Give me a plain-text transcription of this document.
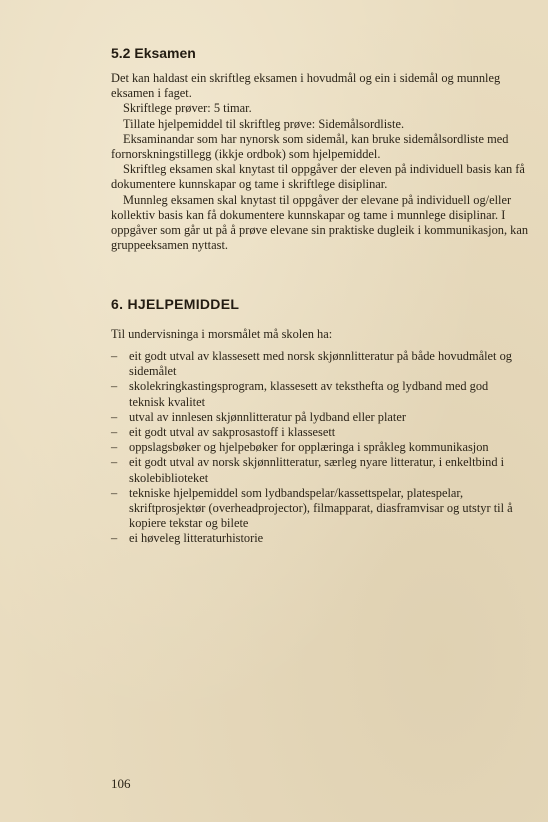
5.2 Eksamen

Det kan haldast ein skriftleg eksamen i hovudmål og ein i sidemål og munnleg eksamen i faget.

Skriftlege prøver: 5 timar.

Tillate hjelpemiddel til skriftleg prøve: Sidemålsordliste.

Eksaminandar som har nynorsk som sidemål, kan bruke sidemålsordliste med fornorskningstillegg (ikkje ordbok) som hjelpemiddel.

Skriftleg eksamen skal knytast til oppgåver der eleven på individuell basis kan få dokumentere kunnskapar og tame i skriftlege disiplinar.

Munnleg eksamen skal knytast til oppgåver der elevane på individuell og/eller kollektiv basis kan få dokumentere kunnskapar og tame i munnlege disiplinar. I oppgåver som går ut på å prøve elevane sin praktiske dugleik i kommunikasjon, kan gruppeeksamen nyttast.

6. HJELPEMIDDEL

Til undervisninga i morsmålet må skolen ha:

– eit godt utval av klassesett med norsk skjønnlitteratur på både hovudmålet og sidemålet
– skolekringkastingsprogram, klassesett av teksthefta og lydband med god teknisk kvalitet
– utval av innlesen skjønnlitteratur på lydband eller plater
– eit godt utval av sakprosastoff i klassesett
– oppslagsbøker og hjelpebøker for opplæringa i språkleg kommunikasjon
– eit godt utval av norsk skjønnlitteratur, særleg nyare litteratur, i enkeltbind i skolebiblioteket
– tekniske hjelpemiddel som lydbandspelar/kassettspelar, platespelar, skriftprosjektør (overheadprojector), filmapparat, diasframvisar og utstyr til å kopiere tekstar og bilete
– ei høveleg litteraturhistorie
106
